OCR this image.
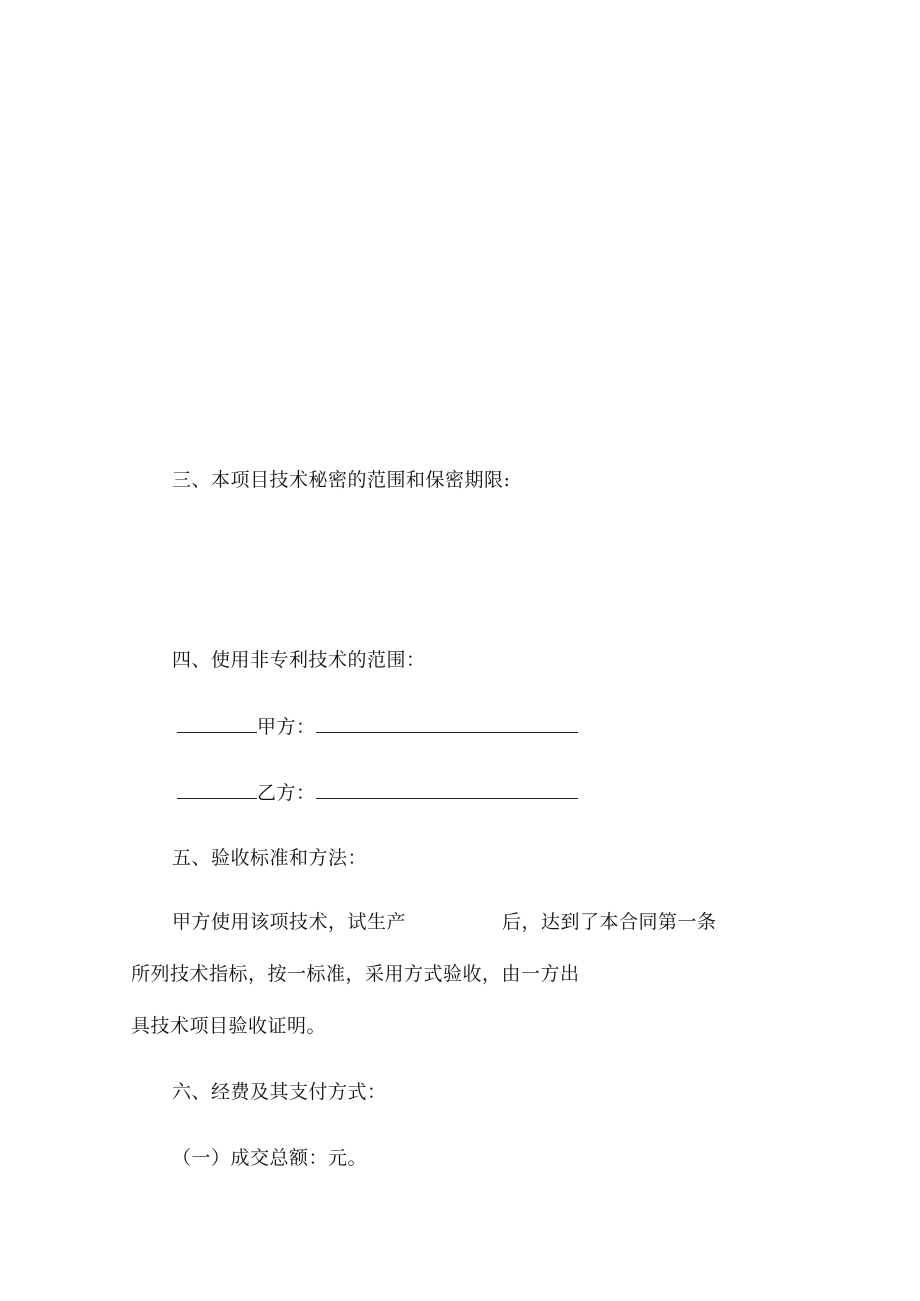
三、本项目技术秘密的范围和保密期限:
四、使用非专利技术的范围：
甲方：
乙方：
五、验收标准和方法：
甲方使用该项技术，试生产	后，达到了本合同第一条
所列技术指标，按一标准，采用方式验收，由一方出
具技术项目验收证明。
六、经费及其支付方式：
（一）成交总额：元。
